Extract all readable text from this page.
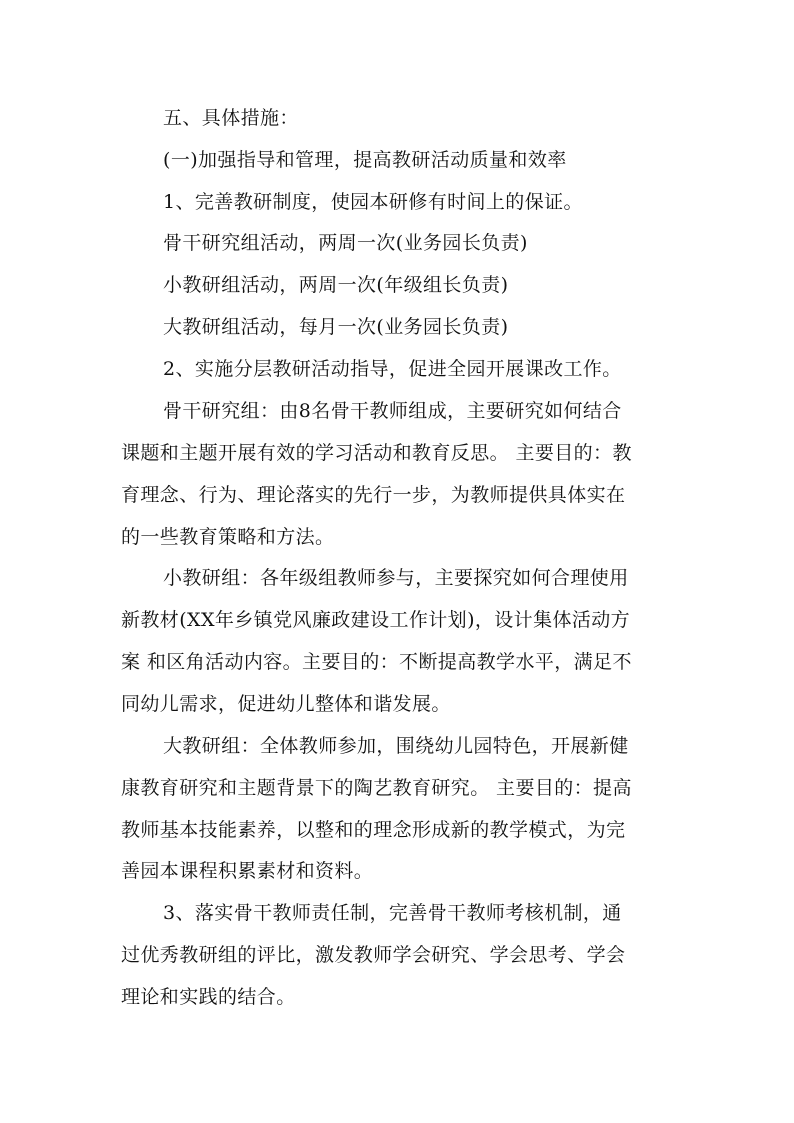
五、具体措施：
(一)加强指导和管理，提高教研活动质量和效率
1、完善教研制度，使园本研修有时间上的保证。
骨干研究组活动，两周一次(业务园长负责)
小教研组活动，两周一次(年级组长负责)
大教研组活动，每月一次(业务园长负责)
2、实施分层教研活动指导，促进全园开展课改工作。
骨干研究组：由8名骨干教师组成，主要研究如何结合
课题和主题开展有效的学习活动和教育反思。 主要目的：教
育理念、行为、理论落实的先行一步，为教师提供具体实在
的一些教育策略和方法。
小教研组：各年级组教师参与，主要探究如何合理使用
新教材(XX年乡镇党风廉政建设工作计划)，设计集体活动方
案 和区角活动内容。主要目的：不断提高教学水平，满足不
同幼儿需求，促进幼儿整体和谐发展。
大教研组：全体教师参加，围绕幼儿园特色，开展新健
康教育研究和主题背景下的陶艺教育研究。 主要目的：提高
教师基本技能素养，以整和的理念形成新的教学模式，为完
善园本课程积累素材和资料。
3、落实骨干教师责任制，完善骨干教师考核机制，通
过优秀教研组的评比，激发教师学会研究、学会思考、学会
理论和实践的结合。
